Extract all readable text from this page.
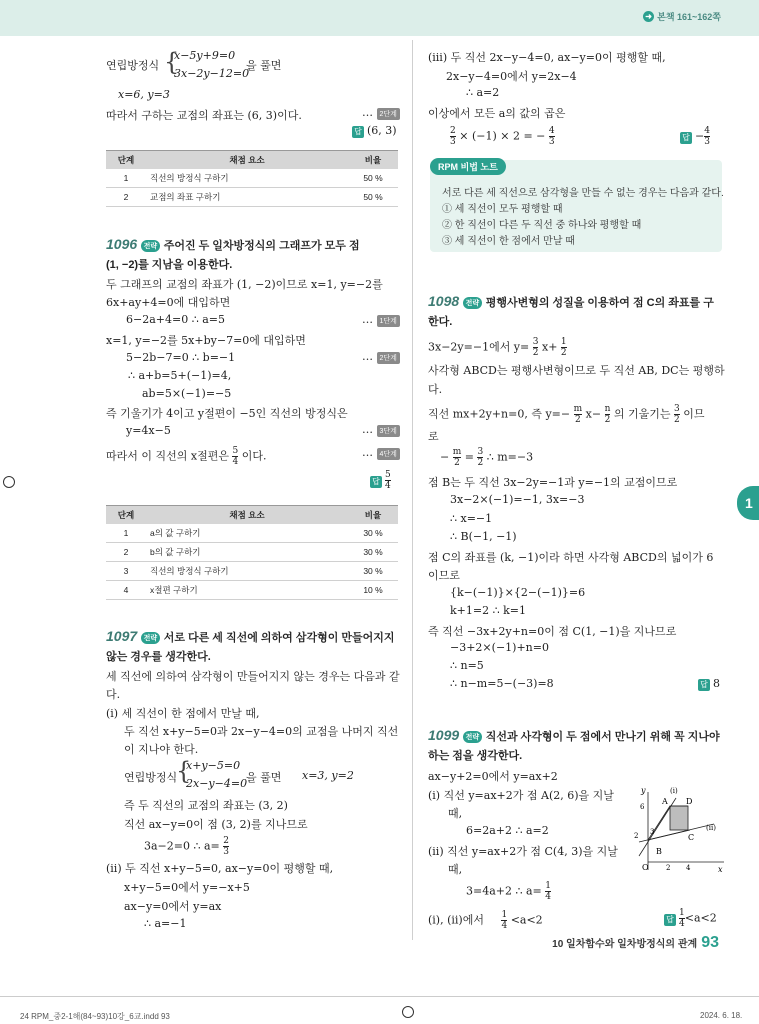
➜ 본책 161~162쪽
연립방정식 {
x−5y+9=0
3x−2y−12=0
을 풀면
x=6, y=3
따라서 구하는 교점의 좌표는 (6, 3)이다.	… 2단계
답 (6, 3)
단계	채점 요소	비율
1	직선의 방정식 구하기	50 %
2	교점의 좌표 구하기	50 %
1096 전략 주어진 두 일차방정식의 그래프가 모두 점
(1, −2)를 지남을 이용한다.
두 그래프의 교점의 좌표가 (1, −2)이므로 x=1, y=−2를
6x+ay+4=0에 대입하면
6−2a+4=0 ∴ a=5	… 1단계
x=1, y=−2를 5x+by−7=0에 대입하면
5−2b−7=0 ∴ b=−1	… 2단계
∴ a+b=5+(−1)=4,
ab=5×(−1)=−5
즉 기울기가 4이고 y절편이 −5인 직선의 방정식은
y=4x−5	… 3단계
따라서 이 직선의 x절편은 $\frac{5}{4}$ 이다.	… 4단계
답 $\frac{5}{4}$
단계	채점 요소	비율
1	a의 값 구하기	30 %
2	b의 값 구하기	30 %
3	직선의 방정식 구하기	30 %
4	x절편 구하기	10 %
1097 전략 서로 다른 세 직선에 의하여 삼각형이 만들어지지
않는 경우를 생각한다.
세 직선에 의하여 삼각형이 만들어지지 않는 경우는 다음과 같
다.
(ⅰ) 세 직선이 한 점에서 만날 때,
두 직선 x+y−5=0과 2x−y−4=0의 교점을 나머지 직선
이 지나야 한다.
연립방정식
{
x+y−5=0
2x−y−4=0
을 풀면 x=3, y=2
즉 두 직선의 교점의 좌표는 (3, 2)
직선 ax−y=0이 점 (3, 2)를 지나므로
3a−2=0 ∴ $a= \frac{2}{3}$
(ⅱ) 두 직선 x+y−5=0, ax−y=0이 평행할 때,
x+y−5=0에서 y=−x+5
ax−y=0에서 y=ax
∴ a=−1
(ⅲ) 두 직선 2x−y−4=0, ax−y=0이 평행할 때,
2x−y−4=0에서 y=2x−4
∴ a=2
이상에서 모든 a의 값의 곱은
$\frac{2}{3} \times (-1) \times 2$ = − $\frac{4}{3}$	답 − $\frac{4}{3}$
서로 다른 세 직선으로 삼각형을 만들 수 없는 경우는 다음과 같다.
① 세 직선이 모두 평행할 때
② 한 직선이 다른 두 직선 중 하나와 평행할 때
③ 세 직선이 한 점에서 만날 때
RPM 비법 노트
1098 전략 평행사변형의 성질을 이용하여 점 C의 좌표를 구
한다.
3x−2y=−1에서 $y= \frac{3}{2} x+ \frac{1}{2}$
사각형 ABCD는 평행사변형이므로 두 직선 AB, DC는 평행하
다.
직선 mx+2y+n=0, 즉 $y=- \frac{m}{2} x- \frac{n}{2}$ 의 기울기는 $\frac{3}{2}$ 이므
로
− $\frac{m}{2} = \frac{3}{2}$ ∴ m=−3
점 B는 두 직선 3x−2y=−1과 y=−1의 교점이므로
3x−2×(−1)=−1, 3x=−3
∴ x=−1
∴ B(−1, −1)
점 C의 좌표를 (k, −1)이라 하면 사각형 ABCD의 넓이가 6
이므로
{k−(−1)}×{2−(−1)}=6
k+1=2 ∴ k=1
즉 직선 −3x+2y+n=0이 점 C(1, −1)을 지나므로
−3+2×(−1)+n=0
∴ n=5
∴ n−m=5−(−3)=8	답 8
1099 전략 직선과 사각형이 두 점에서 만나기 위해 꼭 지나야
하는 점을 생각한다.
ax−y+2=0에서 y=ax+2
(ⅰ) 직선 y=ax+2가 점 A(2, 6)을 지날
때,
6=2a+2 ∴ a=2
(ⅱ) 직선 y=ax+2가 점 C(4, 3)을 지날
때,
3=4a+2 ∴ $a= \frac{1}{4}$
(ⅰ), (ⅱ)에서 $\frac{1}{4} <a<2$	답 $\frac{1}{4} <a<2$
y
x
O
A D
B
C
6
3
2
2 4
(ⅰ)
(ⅱ)
1
10 일차함수와 일차방정식의 관계 93
24 RPM_중2-1해(84~93)10강_6교.indd 93	2024. 6. 18.
